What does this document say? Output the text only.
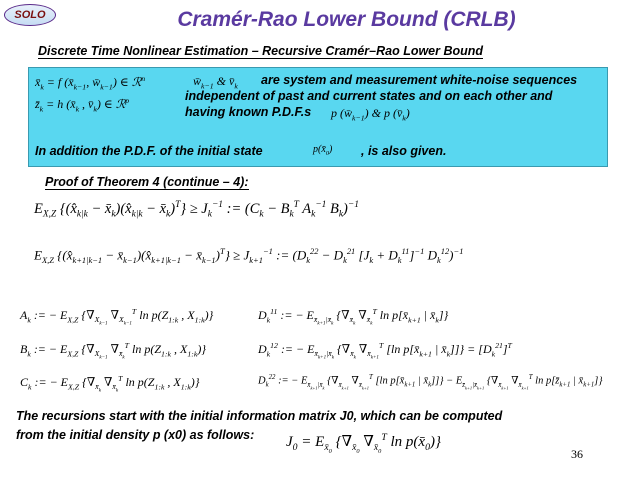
SOLO	Cramér-Rao Lower Bound (CRLB)
Discrete Time Nonlinear Estimation – Recursive Cramér–Rao Lower Bound
$x̄_k = f$ ($x̄_{k-1}$, $w̄_{k-1}$) ∈ ℛ$^n$
$z̄_k = h$ ($x̄_k$ , $v̄_k$) ∈ ℛ$^p$
$w̄_{k-1}$ & $v̄_k$ are system and measurement white-noise sequences
independent of past and current states and on each other and
having known P.D.F.s p $(w̄_{k-1})$ & p $(v̄_k)$
In addition the P.D.F. of the initial state	$p(x̄_0)$ , is also given.
Proof of Theorem 4 (continue – 4):
$E_{X,Z}$ {($x̂_{k|k}$ − $x̄_k)(x̂_{k|k}$ − $x̄_k)^T\} \ge J_k^{-1}$ := ($C_k - B_k^T$ $A_k^{-1}$ $B_k)^{-1}$
$E_{X,Z}$ {($x̂_{k+1|k-1}$ − $x̄_{k-1})(x̂_{k+1|k-1}$ − $x̄_{k-1})^T\} \ge J_{k+1}^{-1}$ := ($D_k^{22} - D_k^{21}$ $[J_k + D_k^{11}]^{-1}$ $D_k^{12})^{-1}$
$A_k$ := − $E_{X,Z}$ {$\nabla_{X_{k-1}}$ $\nabla_{X_{k-1}}^T$ $\ln p(Z_{1:k}$ , $X_{1:k}$)}
$B_k$ := − $E_{X,Z}$ {$\nabla_{X_{k-1}}$ $\nabla_{x̄_k}^T$ $\ln p(Z_{1:k}$ , $X_{1:k}$)}
$C_k$ := − $E_{X,Z}$ {$\nabla_{x̄_k}$ $\nabla_{x̄_k}^T$ $\ln p(Z_{1:k}$ , $X_{1:k}$)}
$D_k^{11}$ := − $E_{x̄_{k+1}|x̄_k}$ {$\nabla_{x̄_k}$ $\nabla_{x̄_k}^T$ $\ln p[x̄_{k+1}$ | $x̄_k$]}
$D_k^{12}$ := − $E_{x̄_{k+1}|x̄_k}$ {$\nabla_{x̄_k}$ $\nabla_{x̄_{k+1}}^T$ [ln $p[x̄_{k+1}$ | $x̄_k]]\} = [D_k^{21}]^T$
$D_k^{22}$ := − $E_{x̄_{k+1}|x̄_k}$ {$\nabla_{x̄_{k+1}}$ $\nabla_{x̄_{k+1}}^T$ [ln $p[x̄_{k+1}$ | $x̄_k]]\} - E_{z̄_{k+1}|x̄_{k+1}}$ {$\nabla_{x̄_{k+1}}$ $\nabla_{x̄_{k+1}}^T$ $\ln p[z̄_{k+1}$ | $x̄_{k+1}$]}
The recursions start with the initial information matrix J0, which can be computed
from the initial density p (x0) as follows:	$J_0 = E_{x̄_0}$ {$\nabla_{x̄_0}$ $\nabla_{x̄_0}^T$ $\ln p(x̄_0)$}
36
